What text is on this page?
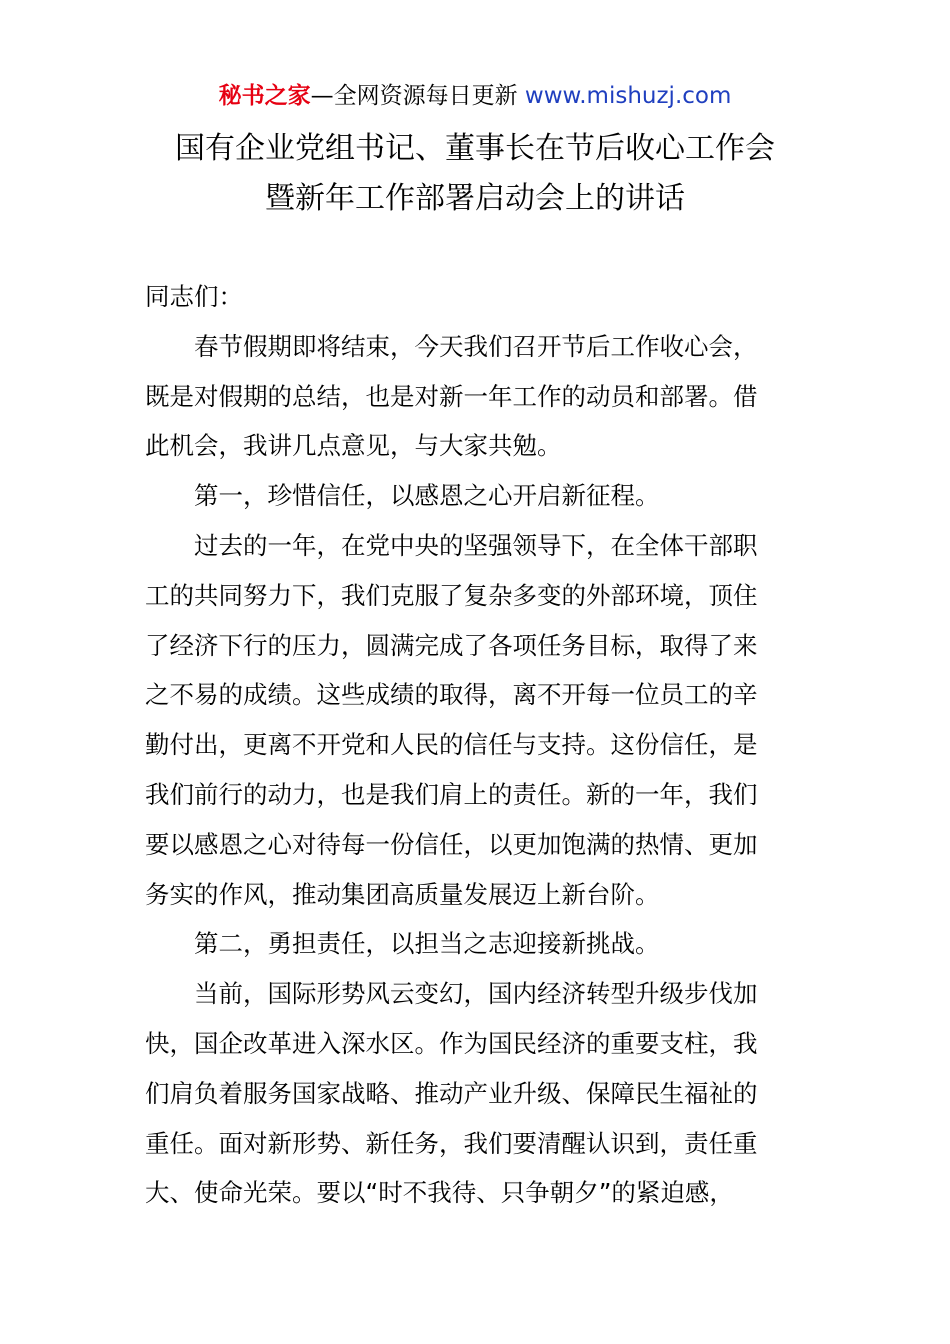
秘书之家—全网资源每日更新 www.mishuzj.com
国有企业党组书记、董事长在节后收心工作会
暨新年工作部署启动会上的讲话

同志们：

春节假期即将结束，今天我们召开节后工作收心会，

既是对假期的总结，也是对新一年工作的动员和部署。借

此机会，我讲几点意见，与大家共勉。

第一，珍惜信任，以感恩之心开启新征程。

过去的一年，在党中央的坚强领导下，在全体干部职

工的共同努力下，我们克服了复杂多变的外部环境，顶住

了经济下行的压力，圆满完成了各项任务目标，取得了来

之不易的成绩。这些成绩的取得，离不开每一位员工的辛

勤付出，更离不开党和人民的信任与支持。这份信任，是

我们前行的动力，也是我们肩上的责任。新的一年，我们

要以感恩之心对待每一份信任，以更加饱满的热情、更加

务实的作风，推动集团高质量发展迈上新台阶。

第二，勇担责任，以担当之志迎接新挑战。

当前，国际形势风云变幻，国内经济转型升级步伐加

快，国企改革进入深水区。作为国民经济的重要支柱，我

们肩负着服务国家战略、推动产业升级、保障民生福祉的

重任。面对新形势、新任务，我们要清醒认识到，责任重

大、使命光荣。要以“时不我待、只争朝夕”的紧迫感，
